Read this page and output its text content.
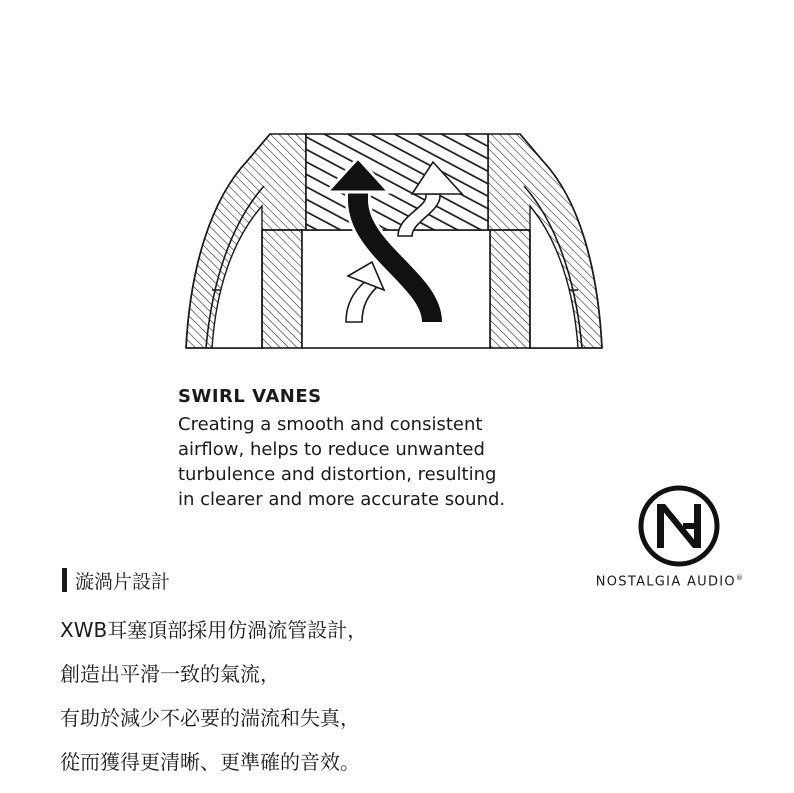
SWIRL VANES
Creating a smooth and consistent
airflow, helps to reduce unwanted
turbulence and distortion, resulting
in clearer and more accurate sound.
NOSTALGIA AUDIO®
漩渦片設計
XWB耳塞頂部採用仿渦流管設計，
創造出平滑一致的氣流，
有助於減少不必要的湍流和失真，
從而獲得更清晰、更準確的音效。
